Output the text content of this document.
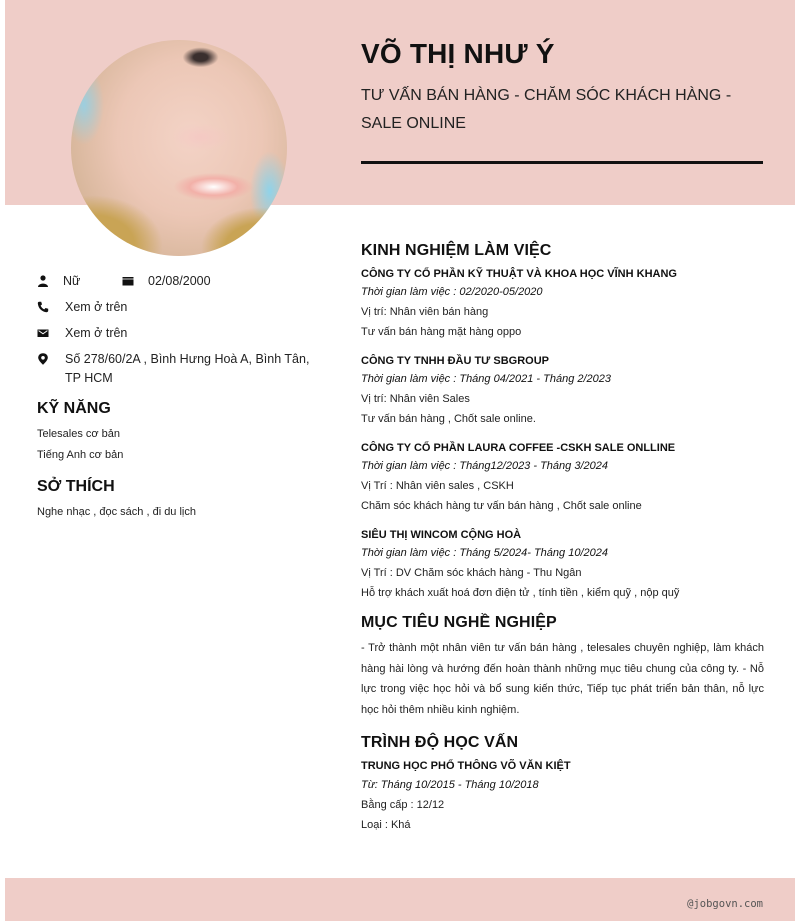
VÕ THỊ NHƯ Ý
TƯ VẤN BÁN HÀNG - CHĂM SÓC KHÁCH HÀNG - SALE ONLINE
Nữ	02/08/2000
Xem ở trên
Xem ở trên
Số 278/60/2A , Bình Hưng Hoà A, Bình Tân, TP HCM
KỸ NĂNG
Telesales cơ bản
Tiếng Anh cơ bản
SỞ THÍCH
Nghe nhạc , đọc sách , đi du lịch
KINH NGHIỆM LÀM VIỆC
CÔNG TY CỔ PHẦN KỸ THUẬT VÀ KHOA HỌC VĨNH KHANG
Thời gian làm việc : 02/2020-05/2020
Vị trí: Nhân viên bán hàng
Tư vấn bán hàng mặt hàng oppo
CÔNG TY TNHH ĐẦU TƯ SBGROUP
Thời gian làm việc : Tháng 04/2021 - Tháng 2/2023
Vị trí: Nhân viên Sales
Tư vấn bán hàng , Chốt sale online.
CÔNG TY CỔ PHẦN LAURA COFFEE -CSKH SALE ONLLINE
Thời gian làm việc : Tháng12/2023 - Tháng 3/2024
Vị Trí : Nhân viên sales , CSKH
Chăm sóc khách hàng tư vấn bán hàng , Chốt sale online
SIÊU THỊ WINCOM CỘNG HOÀ
Thời gian làm việc : Tháng 5/2024- Tháng 10/2024
Vị Trí : DV Chăm sóc khách hàng - Thu Ngân
Hỗ trợ khách xuất hoá đơn điện tử , tính tiền , kiểm quỹ , nộp quỹ
MỤC TIÊU NGHỀ NGHIỆP
- Trở thành một nhân viên tư vấn bán hàng , telesales chuyên nghiệp, làm khách hàng hài lòng và hướng đến hoàn thành những mục tiêu chung của công ty. - Nỗ lực trong việc học hỏi và bổ sung kiến thức, Tiếp tục phát triển bản thân, nỗ lực học hỏi thêm nhiều kinh nghiệm.
TRÌNH ĐỘ HỌC VẤN
TRUNG HỌC PHỔ THÔNG VÕ VĂN KIỆT
Từ: Tháng 10/2015 - Tháng 10/2018
Bằng cấp : 12/12
Loại : Khá
@jobgovn.com
